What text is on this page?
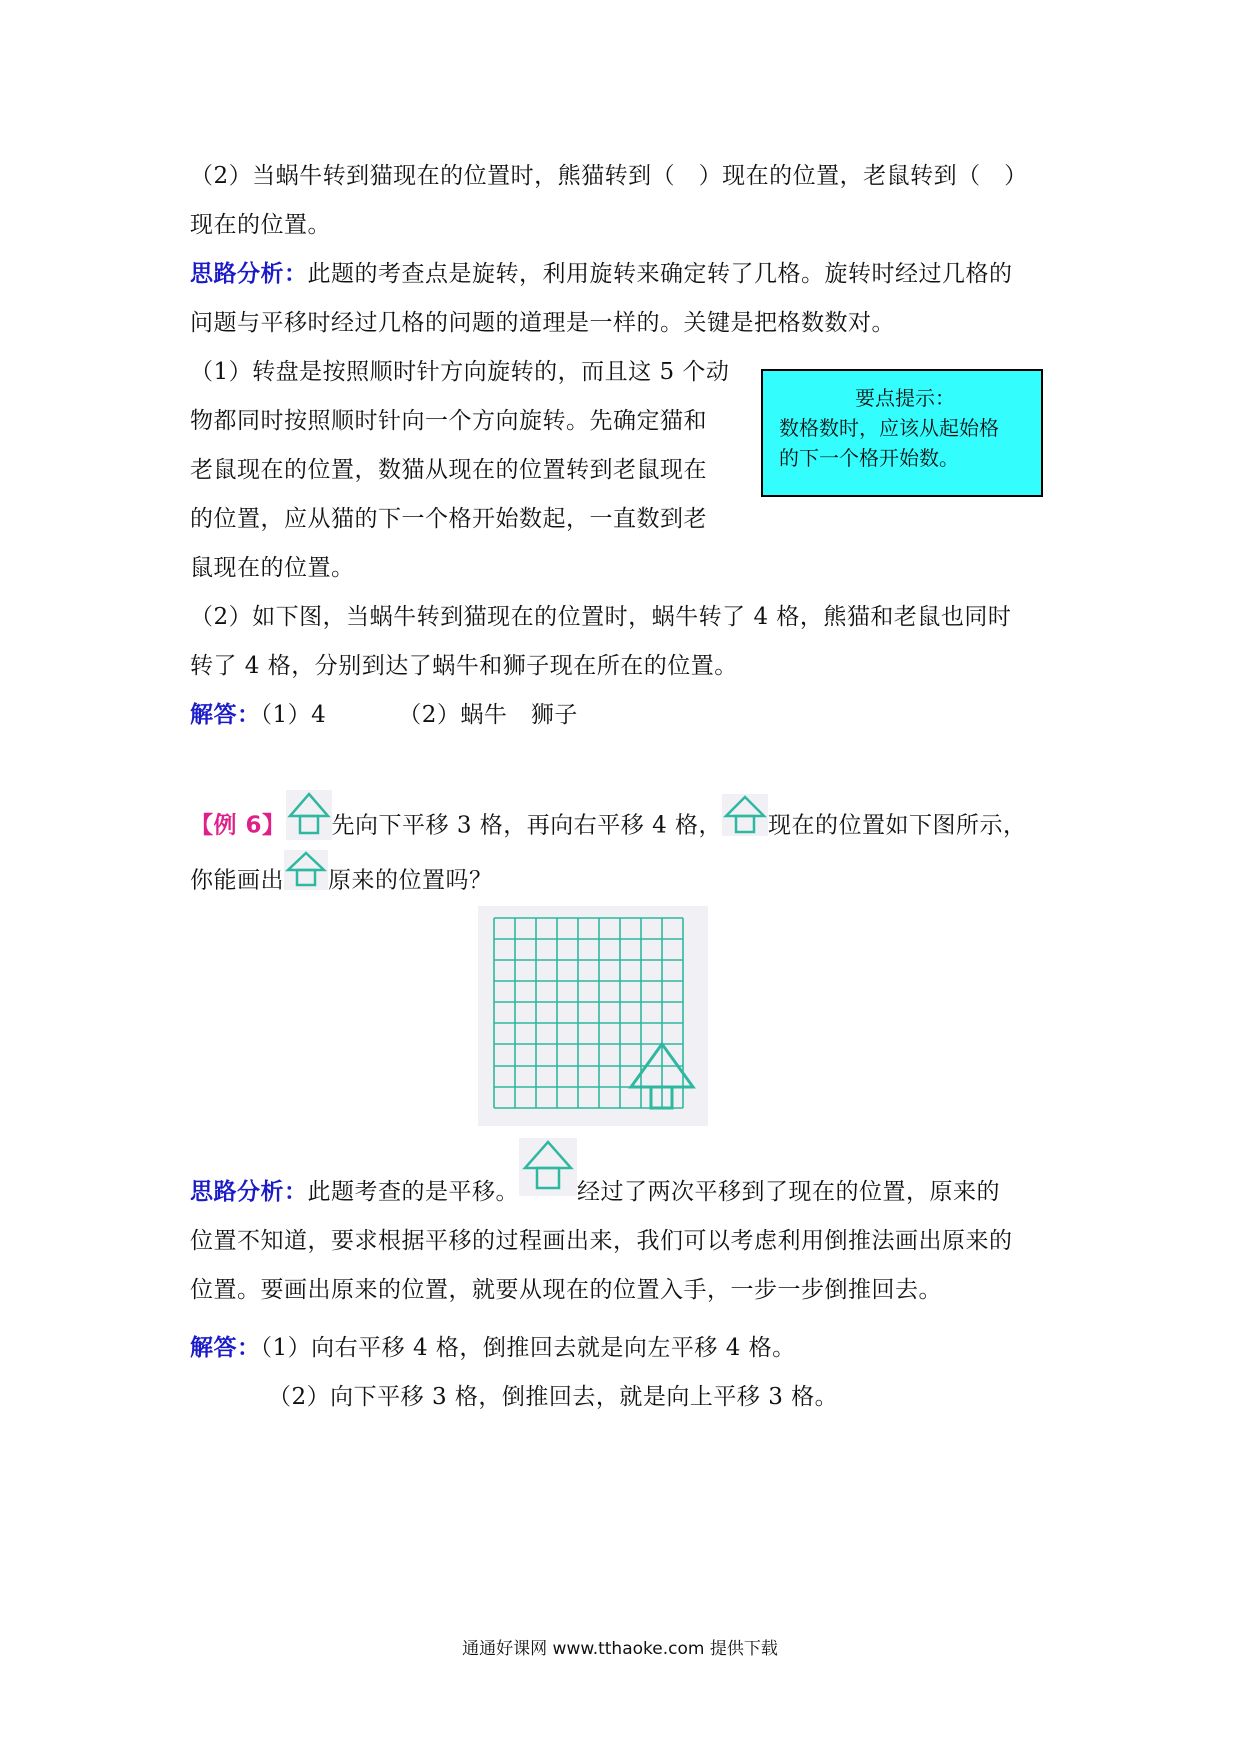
（2）当蜗牛转到猫现在的位置时，熊猫转到（　）现在的位置，老鼠转到（　）
现在的位置。
思路分析：此题的考查点是旋转，利用旋转来确定转了几格。旋转时经过几格的
问题与平移时经过几格的问题的道理是一样的。关键是把格数数对。
（1）转盘是按照顺时针方向旋转的，而且这 5 个动
物都同时按照顺时针向一个方向旋转。先确定猫和
老鼠现在的位置，数猫从现在的位置转到老鼠现在
的位置，应从猫的下一个格开始数起，一直数到老
鼠现在的位置。
要点提示：
数格数时，应该从起始格
的下一个格开始数。
（2）如下图，当蜗牛转到猫现在的位置时，蜗牛转了 4 格，熊猫和老鼠也同时
转了 4 格，分别到达了蜗牛和狮子现在所在的位置。
解答：（1）4	（2）蜗牛　狮子
【例 6】 先向下平移 3 格，再向右平移 4 格， 现在的位置如下图所示，
你能画出 原来的位置吗？
思路分析：此题考查的是平移。	经过了两次平移到了现在的位置，原来的
位置不知道，要求根据平移的过程画出来，我们可以考虑利用倒推法画出原来的
位置。要画出原来的位置，就要从现在的位置入手，一步一步倒推回去。
解答：（1）向右平移 4 格，倒推回去就是向左平移 4 格。
（2）向下平移 3 格，倒推回去，就是向上平移 3 格。
通通好课网 www.tthaoke.com 提供下载
